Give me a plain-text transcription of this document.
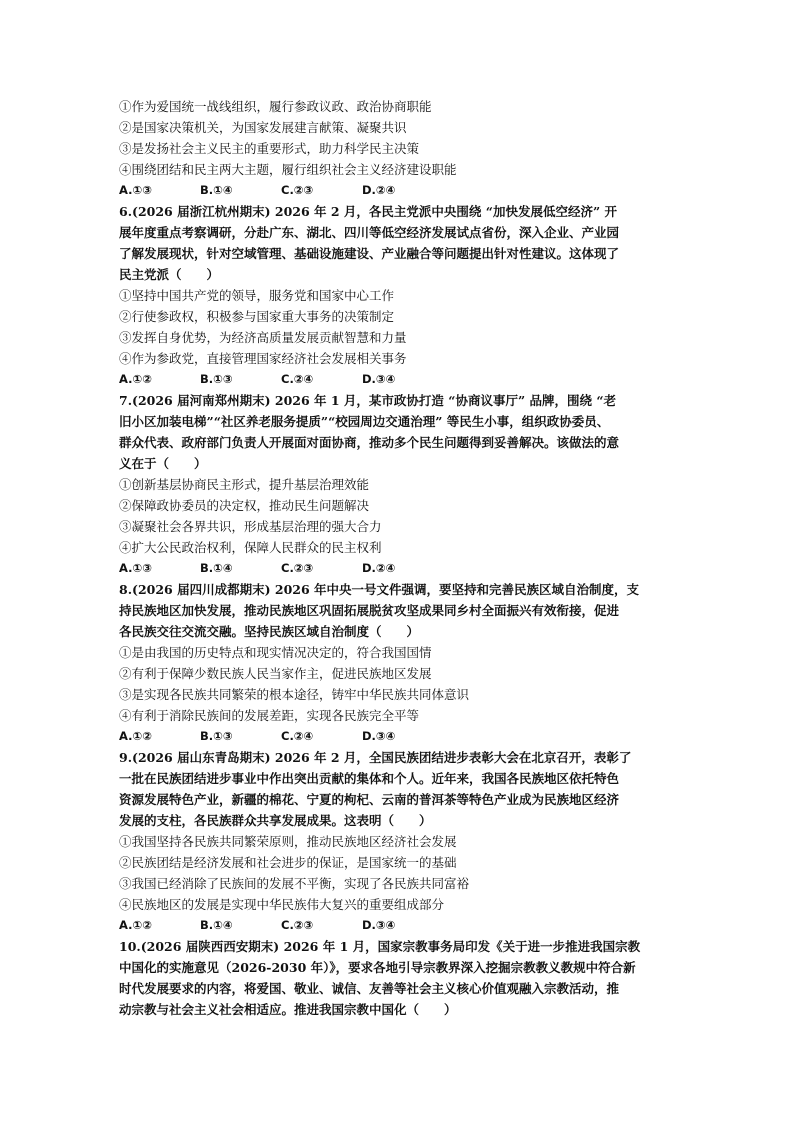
①作为爱国统一战线组织，履行参政议政、政治协商职能
②是国家决策机关，为国家发展建言献策、凝聚共识
③是发扬社会主义民主的重要形式，助力科学民主决策
④围绕团结和民主两大主题，履行组织社会主义经济建设职能
A.①③	B.①④	C.②③	D.②④
6.(2026 届浙江杭州期末) 2026 年 2 月，各民主党派中央围绕 “加快发展低空经济” 开
展年度重点考察调研，分赴广东、湖北、四川等低空经济发展试点省份，深入企业、产业园
了解发展现状，针对空域管理、基础设施建设、产业融合等问题提出针对性建议。这体现了
民主党派（　　）
①坚持中国共产党的领导，服务党和国家中心工作
②行使参政权，积极参与国家重大事务的决策制定
③发挥自身优势，为经济高质量发展贡献智慧和力量
④作为参政党，直接管理国家经济社会发展相关事务
A.①②	B.①③	C.②④	D.③④
7.(2026 届河南郑州期末) 2026 年 1 月，某市政协打造 “协商议事厅” 品牌，围绕 “老
旧小区加装电梯”“社区养老服务提质”“校园周边交通治理” 等民生小事，组织政协委员、
群众代表、政府部门负责人开展面对面协商，推动多个民生问题得到妥善解决。该做法的意
义在于（　　）
①创新基层协商民主形式，提升基层治理效能
②保障政协委员的决定权，推动民生问题解决
③凝聚社会各界共识，形成基层治理的强大合力
④扩大公民政治权利，保障人民群众的民主权利
A.①③	B.①④	C.②③	D.②④
8.(2026 届四川成都期末) 2026 年中央一号文件强调，要坚持和完善民族区域自治制度，支
持民族地区加快发展，推动民族地区巩固拓展脱贫攻坚成果同乡村全面振兴有效衔接，促进
各民族交往交流交融。坚持民族区域自治制度（　　）
①是由我国的历史特点和现实情况决定的，符合我国国情
②有利于保障少数民族人民当家作主，促进民族地区发展
③是实现各民族共同繁荣的根本途径，铸牢中华民族共同体意识
④有利于消除民族间的发展差距，实现各民族完全平等
A.①②	B.①③	C.②④	D.③④
9.(2026 届山东青岛期末) 2026 年 2 月，全国民族团结进步表彰大会在北京召开，表彰了
一批在民族团结进步事业中作出突出贡献的集体和个人。近年来，我国各民族地区依托特色
资源发展特色产业，新疆的棉花、宁夏的枸杞、云南的普洱茶等特色产业成为民族地区经济
发展的支柱，各民族群众共享发展成果。这表明（　　）
①我国坚持各民族共同繁荣原则，推动民族地区经济社会发展
②民族团结是经济发展和社会进步的保证，是国家统一的基础
③我国已经消除了民族间的发展不平衡，实现了各民族共同富裕
④民族地区的发展是实现中华民族伟大复兴的重要组成部分
A.①②	B.①④	C.②③	D.③④
10.(2026 届陕西西安期末) 2026 年 1 月，国家宗教事务局印发《关于进一步推进我国宗教
中国化的实施意见（2026-2030 年）》，要求各地引导宗教界深入挖掘宗教教义教规中符合新
时代发展要求的内容，将爱国、敬业、诚信、友善等社会主义核心价值观融入宗教活动，推
动宗教与社会主义社会相适应。推进我国宗教中国化（　　）
